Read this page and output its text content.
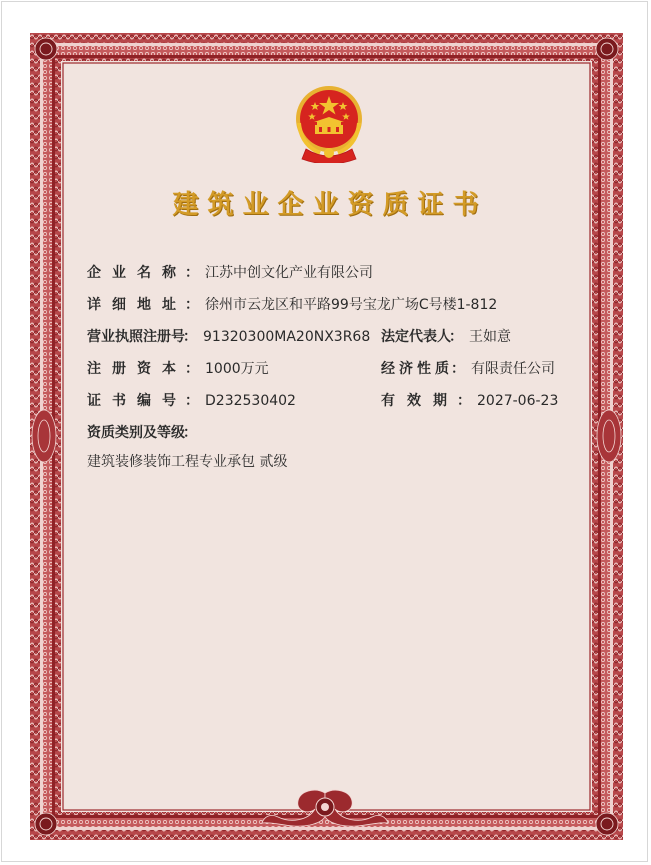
建筑业企业资质证书
企业名称： 江苏中创文化产业有限公司
详细地址： 徐州市云龙区和平路99号宝龙广场C号楼1-812
营业执照注册号： 91320300MA20NX3R68 法定代表人： 王如意
注册资本： 1000万元	经济性质： 有限责任公司
证书编号： D232530402	有效期： 2027-06-23
资质类别及等级：
建筑装修装饰工程专业承包 贰级
